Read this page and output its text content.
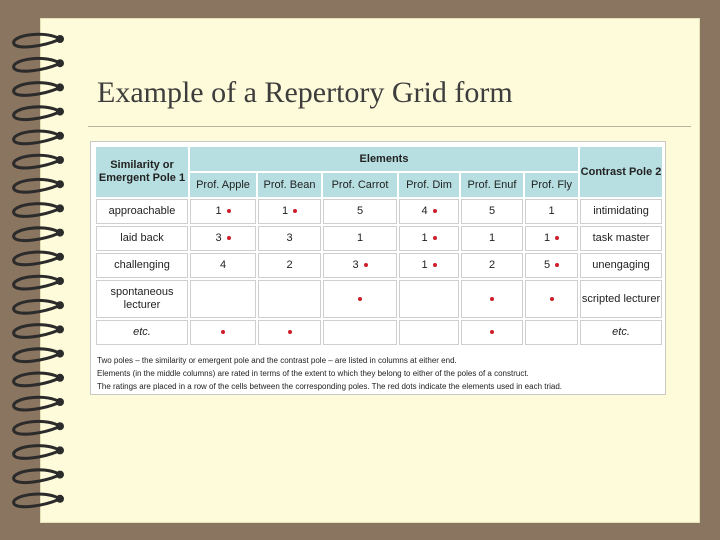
Example of a Repertory Grid form
Similarity or Emergent Pole 1	Elements						Contrast Pole 2
	Prof. Apple	Prof. Bean	Prof. Carrot	Prof. Dim	Prof. Enuf	Prof. Fly	
approachable	1	1	5	4	5	1	intimidating
laid back	3	3	1	1	1	1	task master
challenging	4	2	3	1	2	5	unengaging
spontaneous lecturer							scripted lecturer
etc.							etc.
Two poles – the similarity or emergent pole and the contrast pole – are listed in columns at either end.
Elements (in the middle columns) are rated in terms of the extent to which they belong to either of the poles of a construct.
The ratings are placed in a row of the cells between the corresponding poles. The red dots indicate the elements used in each triad.
